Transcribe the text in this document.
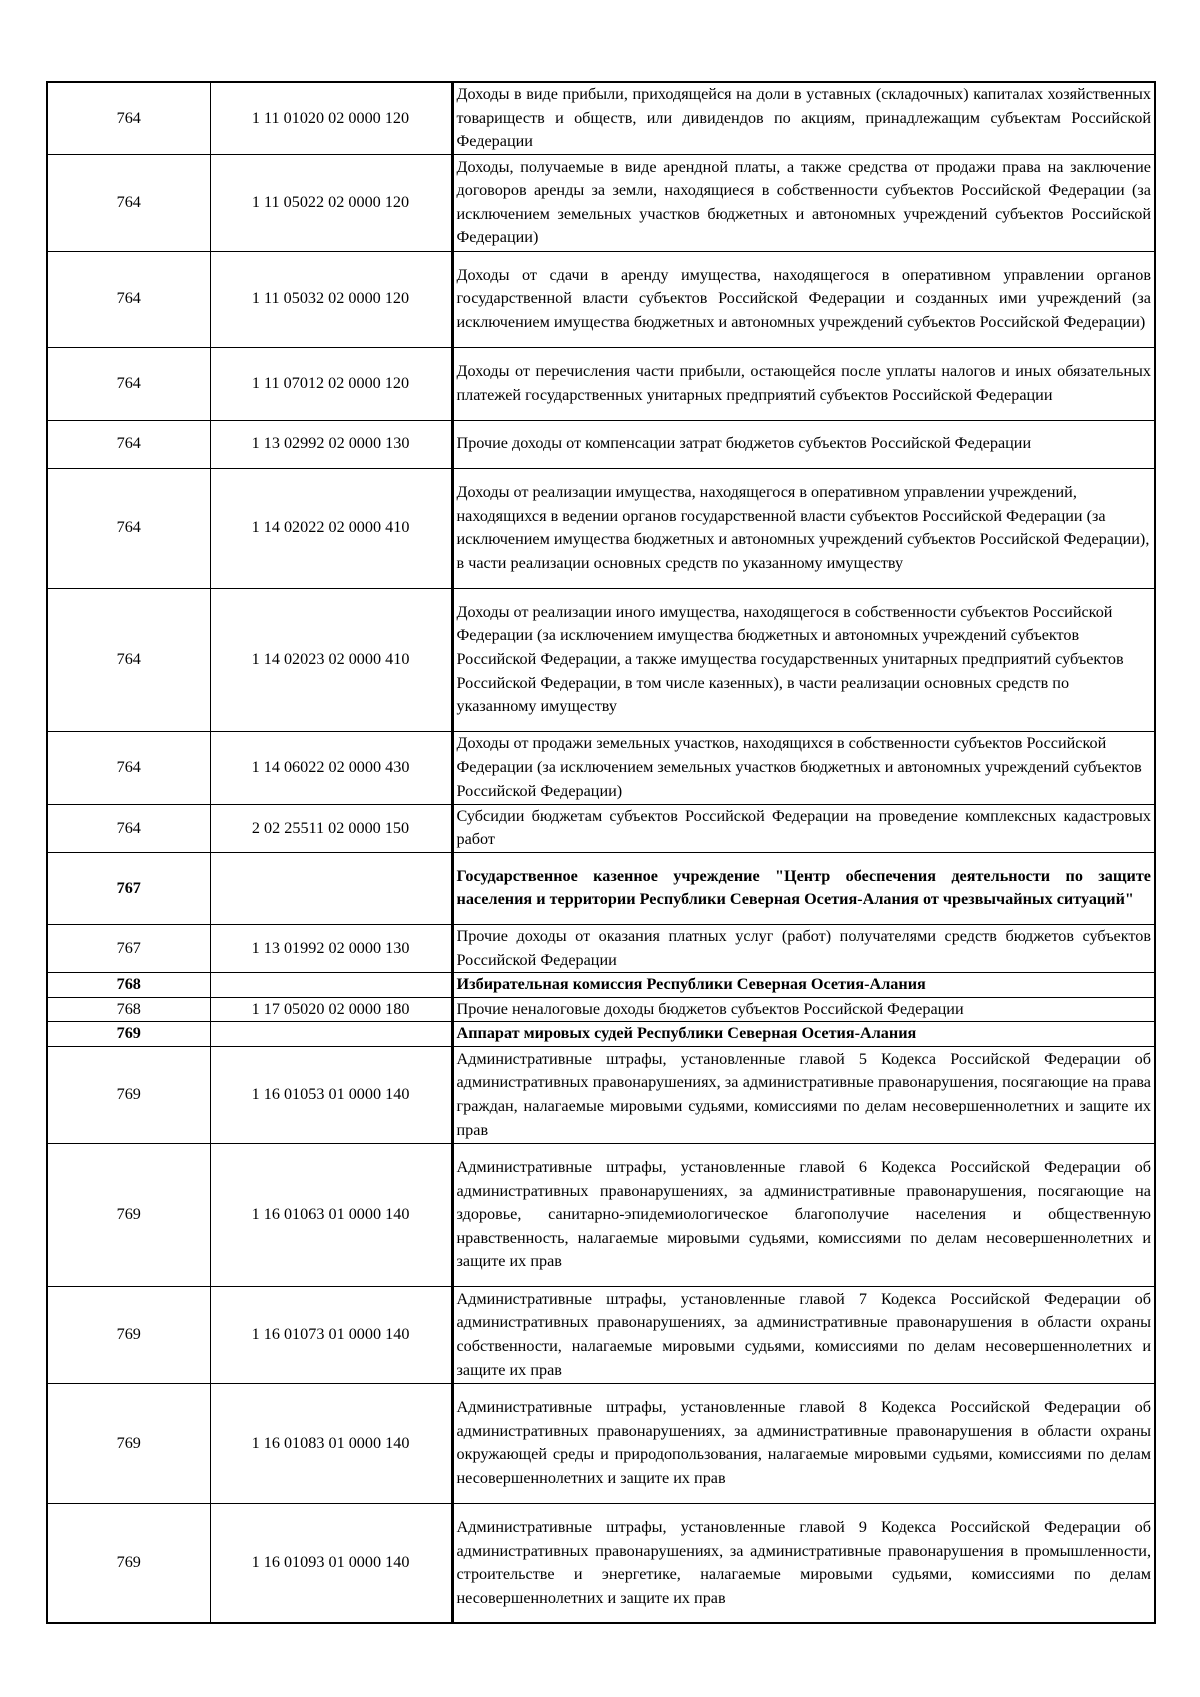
764	1 11 01020 02 0000 120	Доходы в виде прибыли, приходящейся на доли в уставных (складочных) капиталах хозяйственных товариществ и обществ, или дивидендов по акциям, принадлежащим субъектам Российской Федерации
764	1 11 05022 02 0000 120	Доходы, получаемые в виде арендной платы, а также средства от продажи права на заключение договоров аренды за земли, находящиеся в собственности субъектов Российской Федерации (за исключением земельных участков бюджетных и автономных учреждений субъектов Российской Федерации)
764	1 11 05032 02 0000 120	Доходы от сдачи в аренду имущества, находящегося в оперативном управлении органов государственной власти субъектов Российской Федерации и созданных ими учреждений (за исключением имущества бюджетных и автономных учреждений субъектов Российской Федерации)
764	1 11 07012 02 0000 120	Доходы от перечисления части прибыли, остающейся после уплаты налогов и иных обязательных платежей государственных унитарных предприятий субъектов Российской Федерации
764	1 13 02992 02 0000 130	Прочие доходы от компенсации затрат бюджетов субъектов Российской Федерации
764	1 14 02022 02 0000 410	Доходы от реализации имущества, находящегося в оперативном управлении учреждений, находящихся в ведении органов государственной власти субъектов Российской Федерации (за исключением имущества бюджетных и автономных учреждений субъектов Российской Федерации), в части реализации основных средств по указанному имуществу
764	1 14 02023 02 0000 410	Доходы от реализации иного имущества, находящегося в собственности субъектов Российской Федерации (за исключением имущества бюджетных и автономных учреждений субъектов Российской Федерации, а также имущества государственных унитарных предприятий субъектов Российской Федерации, в том числе казенных), в части реализации основных средств по указанному имуществу
764	1 14 06022 02 0000 430	Доходы от продажи земельных участков, находящихся в собственности субъектов Российской Федерации (за исключением земельных участков бюджетных и автономных учреждений субъектов Российской Федерации)
764	2 02 25511 02 0000 150	Субсидии бюджетам субъектов Российской Федерации на проведение комплексных кадастровых работ
767		Государственное казенное учреждение "Центр обеспечения деятельности по защите населения и территории Республики Северная Осетия-Алания от чрезвычайных ситуаций"
767	1 13 01992 02 0000 130	Прочие доходы от оказания платных услуг (работ) получателями средств бюджетов субъектов Российской Федерации
768		Избирательная комиссия Республики Северная Осетия-Алания
768	1 17 05020 02 0000 180	Прочие неналоговые доходы бюджетов субъектов Российской Федерации
769		Аппарат мировых судей Республики Северная Осетия-Алания
769	1 16 01053 01 0000 140	Административные штрафы, установленные главой 5 Кодекса Российской Федерации об административных правонарушениях, за административные правонарушения, посягающие на права граждан, налагаемые мировыми судьями, комиссиями по делам несовершеннолетних и защите их прав
769	1 16 01063 01 0000 140	Административные штрафы, установленные главой 6 Кодекса Российской Федерации об административных правонарушениях, за административные правонарушения, посягающие на здоровье, санитарно-эпидемиологическое благополучие населения и общественную нравственность, налагаемые мировыми судьями, комиссиями по делам несовершеннолетних и защите их прав
769	1 16 01073 01 0000 140	Административные штрафы, установленные главой 7 Кодекса Российской Федерации об административных правонарушениях, за административные правонарушения в области охраны собственности, налагаемые мировыми судьями, комиссиями по делам несовершеннолетних и защите их прав
769	1 16 01083 01 0000 140	Административные штрафы, установленные главой 8 Кодекса Российской Федерации об административных правонарушениях, за административные правонарушения в области охраны окружающей среды и природопользования, налагаемые мировыми судьями, комиссиями по делам несовершеннолетних и защите их прав
769	1 16 01093 01 0000 140	Административные штрафы, установленные главой 9 Кодекса Российской Федерации об административных правонарушениях, за административные правонарушения в промышленности, строительстве и энергетике, налагаемые мировыми судьями, комиссиями по делам несовершеннолетних и защите их прав
